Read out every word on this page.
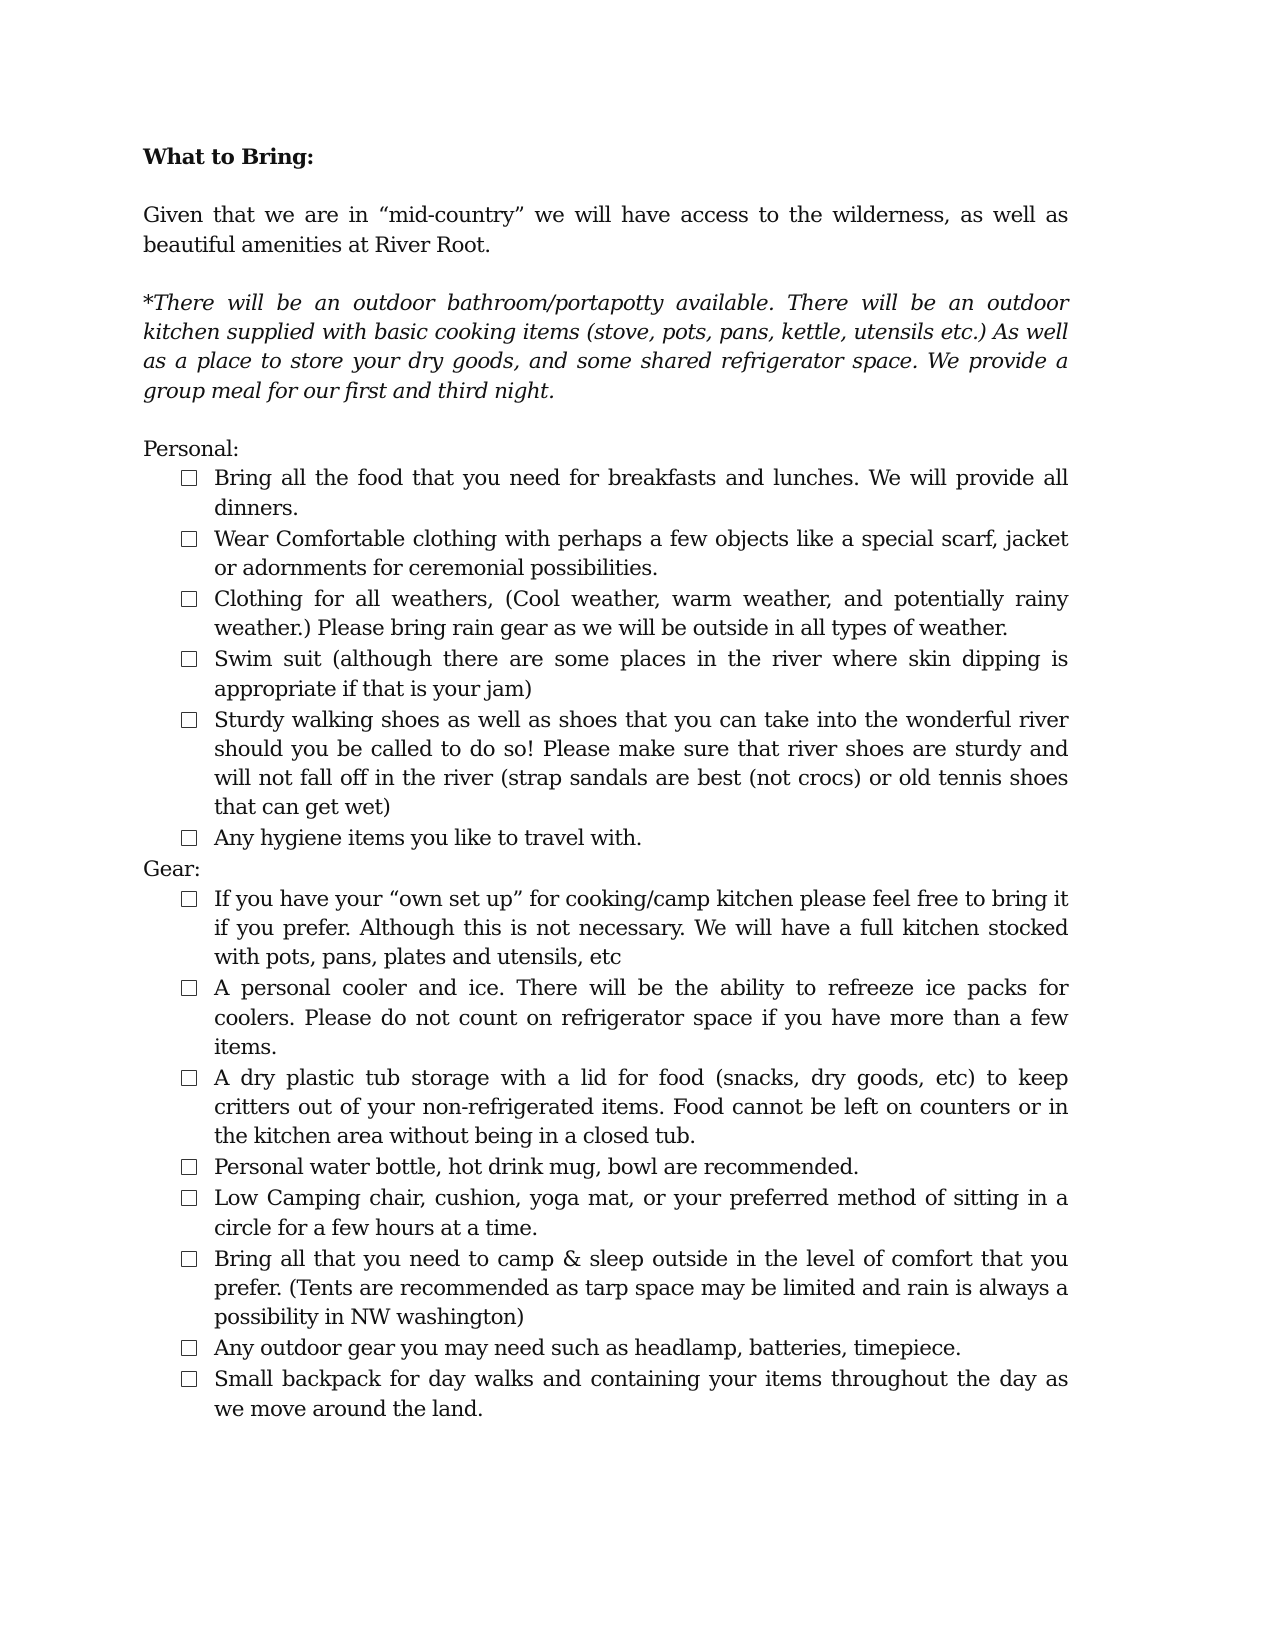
What to Bring:

Given that we are in “mid-country” we will have access to the wilderness, as well as beautiful amenities at River Root.

*There will be an outdoor bathroom/portapotty available. There will be an outdoor kitchen supplied with basic cooking items (stove, pots, pans, kettle, utensils etc.) As well as a place to store your dry goods, and some shared refrigerator space. We provide a group meal for our first and third night.

Personal:

Bring all the food that you need for breakfasts and lunches. We will provide all dinners.
Wear Comfortable clothing with perhaps a few objects like a special scarf, jacket or adornments for ceremonial possibilities.
Clothing for all weathers, (Cool weather, warm weather, and potentially rainy weather.) Please bring rain gear as we will be outside in all types of weather.
Swim suit (although there are some places in the river where skin dipping is appropriate if that is your jam)
Sturdy walking shoes as well as shoes that you can take into the wonderful river should you be called to do so! Please make sure that river shoes are sturdy and will not fall off in the river (strap sandals are best (not crocs) or old tennis shoes that can get wet)
Any hygiene items you like to travel with.

Gear:

If you have your “own set up” for cooking/camp kitchen please feel free to bring it if you prefer. Although this is not necessary. We will have a full kitchen stocked with pots, pans, plates and utensils, etc
A personal cooler and ice. There will be the ability to refreeze ice packs for coolers. Please do not count on refrigerator space if you have more than a few items.
A dry plastic tub storage with a lid for food (snacks, dry goods, etc) to keep critters out of your non-refrigerated items. Food cannot be left on counters or in the kitchen area without being in a closed tub.
Personal water bottle, hot drink mug, bowl are recommended.
Low Camping chair, cushion, yoga mat, or your preferred method of sitting in a circle for a few hours at a time.
Bring all that you need to camp & sleep outside in the level of comfort that you prefer. (Tents are recommended as tarp space may be limited and rain is always a possibility in NW washington)
Any outdoor gear you may need such as headlamp, batteries, timepiece.
Small backpack for day walks and containing your items throughout the day as we move around the land.
